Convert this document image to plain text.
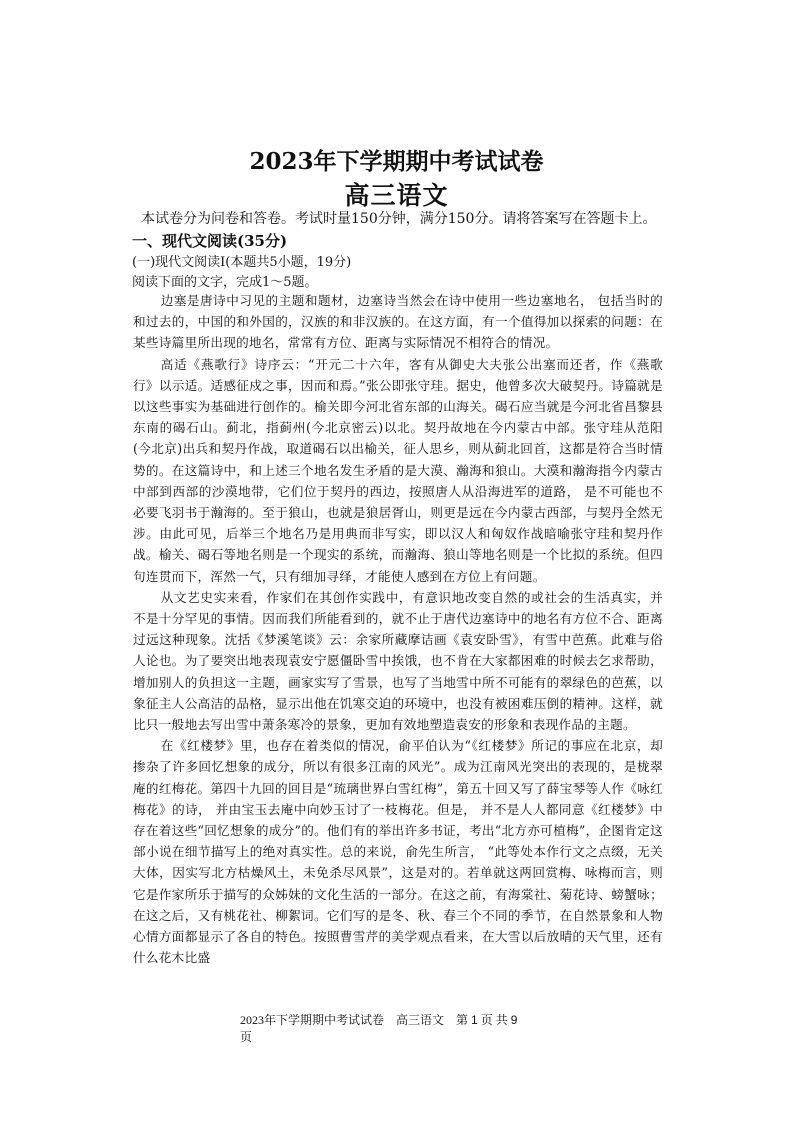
2023年下学期期中考试试卷
高三语文
本试卷分为问卷和答卷。考试时量150分钟，满分150分。请将答案写在答题卡上。
一、现代文阅读(35分)
(一)现代文阅读Ⅰ(本题共5小题，19分)
阅读下面的文字，完成1～5题。

边塞是唐诗中习见的主题和题材，边塞诗当然会在诗中使用一些边塞地名， 包括当时的和过去的，中国的和外国的，汉族的和非汉族的。在这方面，有一个值得加以探索的问题：在某些诗篇里所出现的地名，常常有方位、距离与实际情况不相符合的情况。

高适《燕歌行》诗序云：“开元二十六年，客有从御史大夫张公出塞而还者，作《燕歌行》以示适。适感征戍之事，因而和焉。”张公即张守珪。据史，他曾多次大破契丹。诗篇就是以这些事实为基础进行创作的。榆关即今河北省东部的山海关。碣石应当就是今河北省昌黎县东南的碣石山。蓟北，指蓟州(今北京密云)以北。契丹故地在今内蒙古中部。张守珪从范阳(今北京)出兵和契丹作战，取道碣石以出榆关，征人思乡，则从蓟北回首，这都是符合当时情势的。在这篇诗中，和上述三个地名发生矛盾的是大漠、瀚海和狼山。大漠和瀚海指今内蒙古中部到西部的沙漠地带，它们位于契丹的西边，按照唐人从沿海进军的道路， 是不可能也不必要飞羽书于瀚海的。至于狼山，也就是狼居胥山，则更是远在今内蒙古西部，与契丹全然无涉。由此可见，后举三个地名乃是用典而非写实，即以汉人和匈奴作战暗喻张守珪和契丹作战。榆关、碣石等地名则是一个现实的系统，而瀚海、狼山等地名则是一个比拟的系统。但四句连贯而下，浑然一气，只有细加寻绎，才能使人感到在方位上有问题。

从文艺史实来看，作家们在其创作实践中，有意识地改变自然的或社会的生活真实，并不是十分罕见的事情。因而我们所能看到的，就不止于唐代边塞诗中的地名有方位不合、距离过远这种现象。沈括《梦溪笔谈》云：余家所藏摩诘画《袁安卧雪》，有雪中芭蕉。此难与俗人论也。为了要突出地表现袁安宁愿僵卧雪中挨饿，也不肯在大家都困难的时候去乞求帮助，增加别人的负担这一主题，画家实写了雪景，也写了当地雪中所不可能有的翠绿色的芭蕉，以象征主人公高洁的品格，显示出他在饥寒交迫的环境中，也没有被困难压倒的精神。这样，就比只一般地去写出雪中萧条寒冷的景象，更加有效地塑造袁安的形象和表现作品的主题。

在《红楼梦》里，也存在着类似的情况，俞平伯认为“《红楼梦》所记的事应在北京，却掺杂了许多回忆想象的成分，所以有很多江南的风光”。成为江南风光突出的表现的，是栊翠庵的红梅花。第四十九回的回目是“琉璃世界白雪红梅”，第五十回又写了薛宝琴等人作《咏红梅花》的诗， 并由宝玉去庵中向妙玉讨了一枝梅花。但是， 并不是人人都同意《红楼梦》中存在着这些“回忆想象的成分”的。他们有的举出许多书证，考出“北方亦可植梅”，企图肯定这部小说在细节描写上的绝对真实性。总的来说，俞先生所言， “此等处本作行文之点缀，无关大体，因实写北方枯燥风土，未免杀尽风景”，这是对的。若单就这两回赏梅、咏梅而言，则它是作家所乐于描写的众姊妹的文化生活的一部分。在这之前，有海棠社、菊花诗、螃蟹咏；在这之后，又有桃花社、柳絮词。它们写的是冬、秋、春三个不同的季节，在自然景象和人物心情方面都显示了各自的特色。按照曹雪芹的美学观点看来，在大雪以后放晴的天气里，还有什么花木比盛

2023年下学期期中考试试卷　高三语文　第 1 页 共 9
页
